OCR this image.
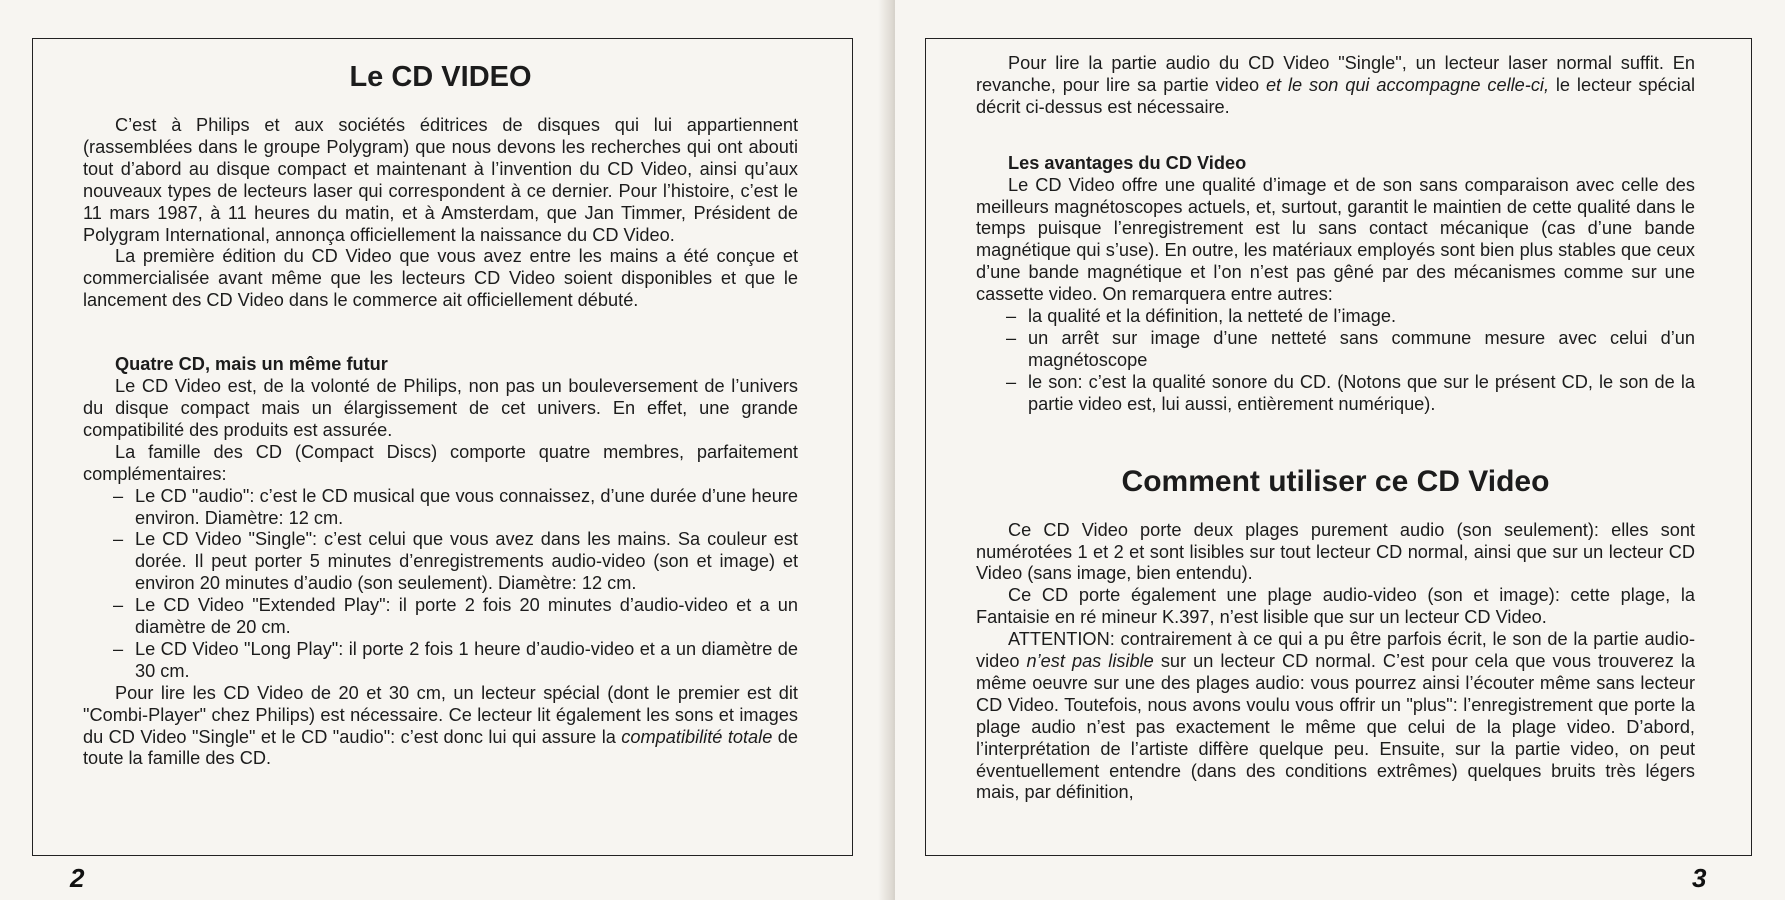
Le CD VIDEO

C’est à Philips et aux sociétés éditrices de disques qui lui appartiennent (rassemblées dans le groupe Polygram) que nous devons les recherches qui ont abouti tout d’abord au disque compact et maintenant à l’invention du CD Video, ainsi qu’aux nouveaux types de lecteurs laser qui correspondent à ce dernier. Pour l’histoire, c’est le 11 mars 1987, à 11 heures du matin, et à Amsterdam, que Jan Timmer, Président de Polygram International, annonça officiellement la naissance du CD Video.

La première édition du CD Video que vous avez entre les mains a été conçue et commercialisée avant même que les lecteurs CD Video soient disponibles et que le lancement des CD Video dans le commerce ait officiellement débuté.

Quatre CD, mais un même futur

Le CD Video est, de la volonté de Philips, non pas un bouleversement de l’univers du disque compact mais un élargissement de cet univers. En effet, une grande compatibilité des produits est assurée.

La famille des CD (Compact Discs) comporte quatre membres, parfaitement complémentaires:

– Le CD "audio": c’est le CD musical que vous connaissez, d’une durée d’une heure environ. Diamètre: 12 cm.
– Le CD Video "Single": c’est celui que vous avez dans les mains. Sa couleur est dorée. Il peut porter 5 minutes d’enregistrements audio-video (son et image) et environ 20 minutes d’audio (son seulement). Diamètre: 12 cm.
– Le CD Video "Extended Play": il porte 2 fois 20 minutes d’audio-video et a un diamètre de 20 cm.
– Le CD Video "Long Play": il porte 2 fois 1 heure d’audio-video et a un diamètre de 30 cm.

Pour lire les CD Video de 20 et 30 cm, un lecteur spécial (dont le premier est dit "Combi-Player" chez Philips) est nécessaire. Ce lecteur lit également les sons et images du CD Video "Single" et le CD "audio": c’est donc lui qui assure la compatibilité totale de toute la famille des CD.

2

Pour lire la partie audio du CD Video "Single", un lecteur laser normal suffit. En revanche, pour lire sa partie video et le son qui accompagne celle-ci, le lecteur spécial décrit ci-dessus est nécessaire.

Les avantages du CD Video

Le CD Video offre une qualité d’image et de son sans comparaison avec celle des meilleurs magnétoscopes actuels, et, surtout, garantit le maintien de cette qualité dans le temps puisque l’enregistrement est lu sans contact mécanique (cas d’une bande magnétique qui s’use). En outre, les matériaux employés sont bien plus stables que ceux d’une bande magnétique et l’on n’est pas gêné par des mécanismes comme sur une cassette video. On remarquera entre autres:

– la qualité et la définition, la netteté de l’image.
– un arrêt sur image d’une netteté sans commune mesure avec celui d’un magnétoscope
– le son: c’est la qualité sonore du CD. (Notons que sur le présent CD, le son de la partie video est, lui aussi, entièrement numérique).
Comment utiliser ce CD Video

Ce CD Video porte deux plages purement audio (son seulement): elles sont numérotées 1 et 2 et sont lisibles sur tout lecteur CD normal, ainsi que sur un lecteur CD Video (sans image, bien entendu).

Ce CD porte également une plage audio-video (son et image): cette plage, la Fantaisie en ré mineur K.397, n’est lisible que sur un lecteur CD Video.

ATTENTION: contrairement à ce qui a pu être parfois écrit, le son de la partie audio-video n’est pas lisible sur un lecteur CD normal. C’est pour cela que vous trouverez la même oeuvre sur une des plages audio: vous pourrez ainsi l’écouter même sans lecteur CD Video. Toutefois, nous avons voulu vous offrir un "plus": l’enregistrement que porte la plage audio n’est pas exactement le même que celui de la plage video. D’abord, l’interprétation de l’artiste diffère quelque peu. Ensuite, sur la partie video, on peut éventuellement entendre (dans des conditions extrêmes) quelques bruits très légers mais, par définition,

3
